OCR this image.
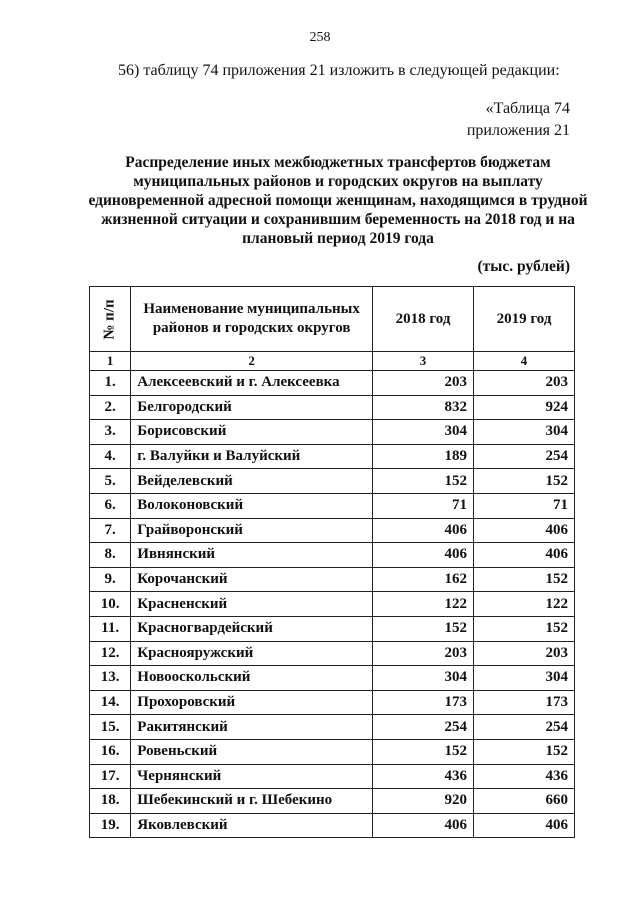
258
56) таблицу 74 приложения 21 изложить в следующей редакции:
«Таблица 74
приложения 21
Распределение иных межбюджетных трансфертов бюджетам муниципальных районов и городских округов на выплату единовременной адресной помощи женщинам, находящимся в трудной жизненной ситуации и сохранившим беременность на 2018 год и на плановый период 2019 года
(тыс. рублей)
№ п/п	Наименование муниципальных районов и городских округов	2018 год	2019 год
1	2	3	4
1.	Алексеевский и г. Алексеевка	203	203
2.	Белгородский	832	924
3.	Борисовский	304	304
4.	г. Валуйки и Валуйский	189	254
5.	Вейделевский	152	152
6.	Волоконовский	71	71
7.	Грайворонский	406	406
8.	Ивнянский	406	406
9.	Корочанский	162	152
10.	Красненский	122	122
11.	Красногвардейский	152	152
12.	Краснояружский	203	203
13.	Новооскольский	304	304
14.	Прохоровский	173	173
15.	Ракитянский	254	254
16.	Ровеньский	152	152
17.	Чернянский	436	436
18.	Шебекинский и г. Шебекино	920	660
19.	Яковлевский	406	406
